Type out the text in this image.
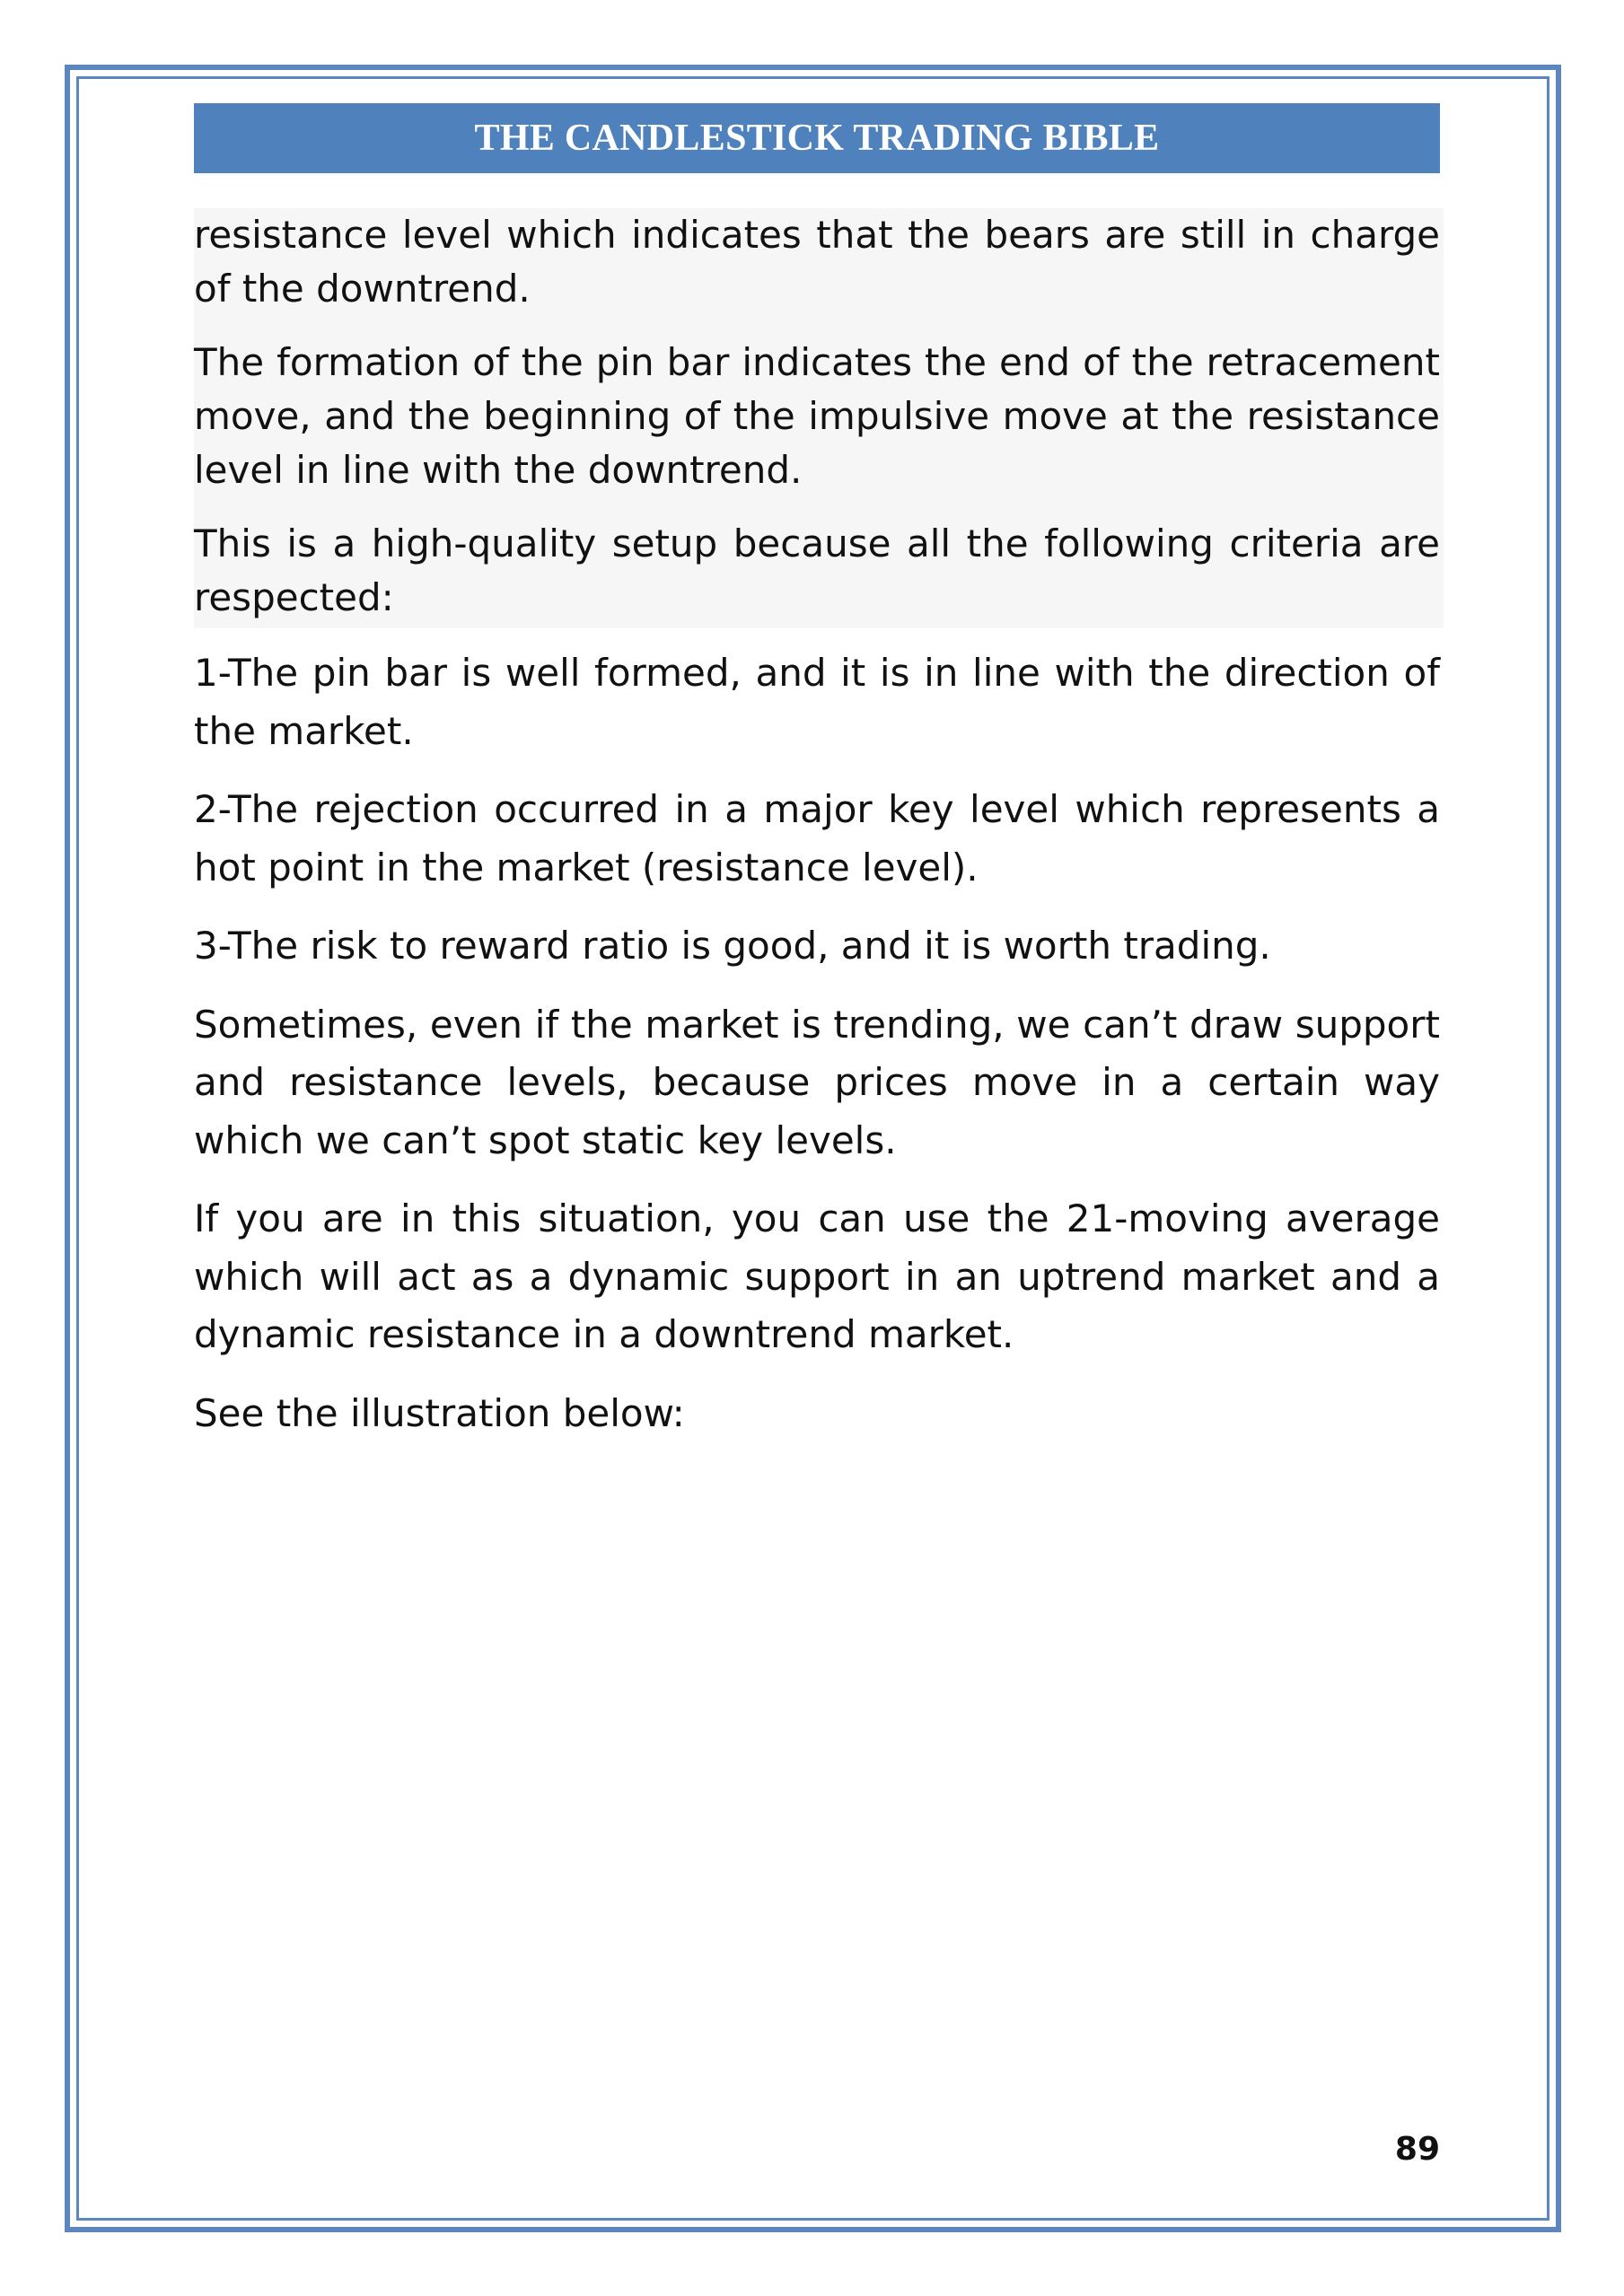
THE CANDLESTICK TRADING BIBLE

resistance level which indicates that the bears are still in charge of the downtrend.

The formation of the pin bar indicates the end of the retracement move, and the beginning of the impulsive move at the resistance level in line with the downtrend.

This is a high-quality setup because all the following criteria are respected:

1-The pin bar is well formed, and it is in line with the direction of the market.

2-The rejection occurred in a major key level which represents a hot point in the market (resistance level).

3-The risk to reward ratio is good, and it is worth trading.

Sometimes, even if the market is trending, we can’t draw support and resistance levels, because prices move in a certain way which we can’t spot static key levels.

If you are in this situation, you can use the 21-moving average which will act as a dynamic support in an uptrend market and a dynamic resistance in a downtrend market.

See the illustration below:

89
